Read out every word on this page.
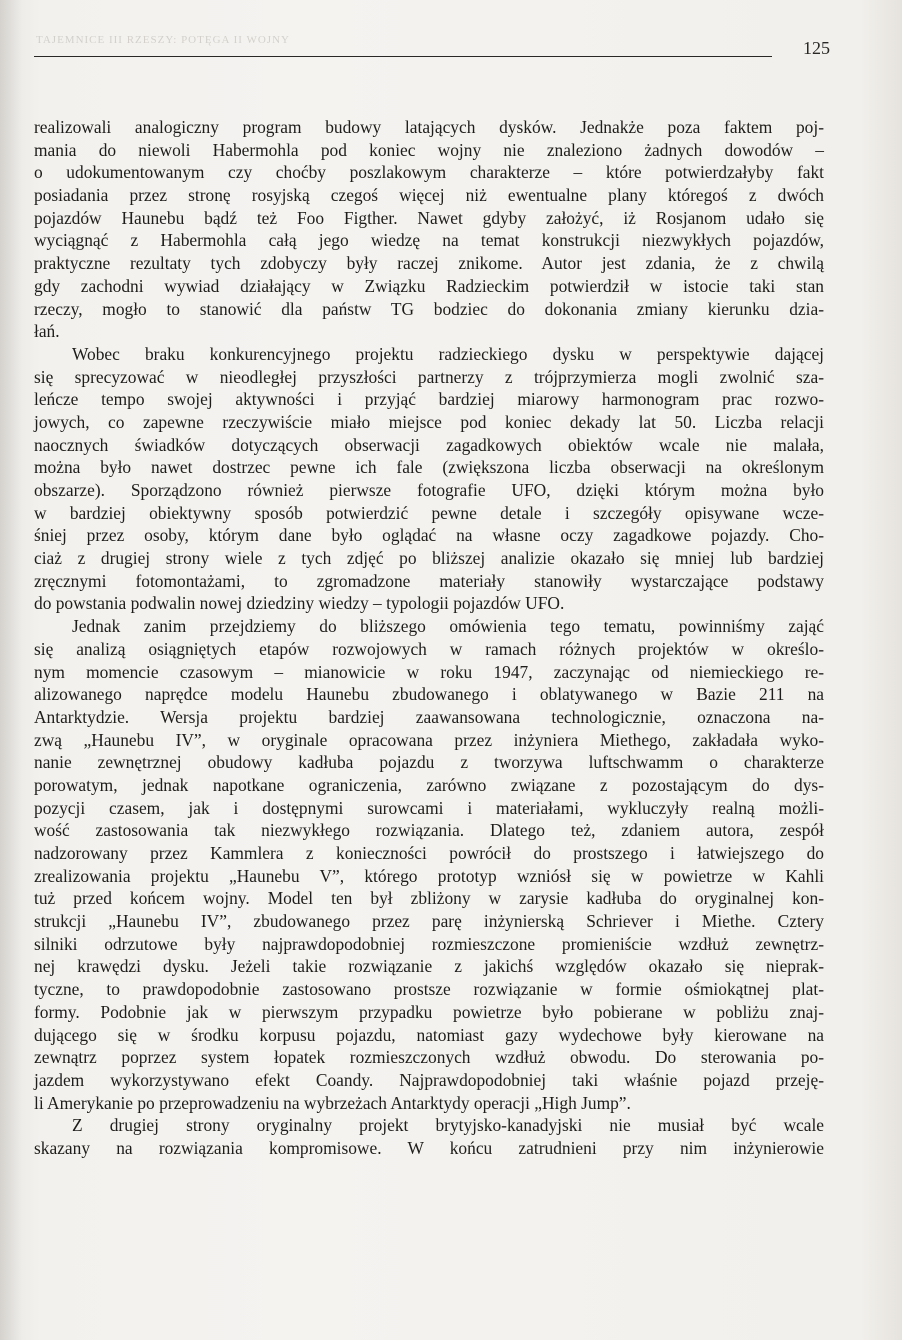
TAJEMNICE III RZESZY: POTĘGA II WOJNY	125
realizowali analogiczny program budowy latających dysków. Jednakże poza faktem poj-
mania do niewoli Habermohla pod koniec wojny nie znaleziono żadnych dowodów –
o udokumentowanym czy choćby poszlakowym charakterze – które potwierdzałyby fakt
posiadania przez stronę rosyjską czegoś więcej niż ewentualne plany któregoś z dwóch
pojazdów Haunebu bądź też Foo Figther. Nawet gdyby założyć, iż Rosjanom udało się
wyciągnąć z Habermohla całą jego wiedzę na temat konstrukcji niezwykłych pojazdów,
praktyczne rezultaty tych zdobyczy były raczej znikome. Autor jest zdania, że z chwilą
gdy zachodni wywiad działający w Związku Radzieckim potwierdził w istocie taki stan
rzeczy, mogło to stanowić dla państw TG bodziec do dokonania zmiany kierunku dzia-
łań.
Wobec braku konkurencyjnego projektu radzieckiego dysku w perspektywie dającej
się sprecyzować w nieodległej przyszłości partnerzy z trójprzymierza mogli zwolnić sza-
leńcze tempo swojej aktywności i przyjąć bardziej miarowy harmonogram prac rozwo-
jowych, co zapewne rzeczywiście miało miejsce pod koniec dekady lat 50. Liczba relacji
naocznych świadków dotyczących obserwacji zagadkowych obiektów wcale nie malała,
można było nawet dostrzec pewne ich fale (zwiększona liczba obserwacji na określonym
obszarze). Sporządzono również pierwsze fotografie UFO, dzięki którym można było
w bardziej obiektywny sposób potwierdzić pewne detale i szczegóły opisywane wcze-
śniej przez osoby, którym dane było oglądać na własne oczy zagadkowe pojazdy. Cho-
ciaż z drugiej strony wiele z tych zdjęć po bliższej analizie okazało się mniej lub bardziej
zręcznymi fotomontażami, to zgromadzone materiały stanowiły wystarczające podstawy
do powstania podwalin nowej dziedziny wiedzy – typologii pojazdów UFO.
Jednak zanim przejdziemy do bliższego omówienia tego tematu, powinniśmy zająć
się analizą osiągniętych etapów rozwojowych w ramach różnych projektów w określo-
nym momencie czasowym – mianowicie w roku 1947, zaczynając od niemieckiego re-
alizowanego naprędce modelu Haunebu zbudowanego i oblatywanego w Bazie 211 na
Antarktydzie. Wersja projektu bardziej zaawansowana technologicznie, oznaczona na-
zwą „Haunebu IV”, w oryginale opracowana przez inżyniera Miethego, zakładała wyko-
nanie zewnętrznej obudowy kadłuba pojazdu z tworzywa luftschwamm o charakterze
porowatym, jednak napotkane ograniczenia, zarówno związane z pozostającym do dys-
pozycji czasem, jak i dostępnymi surowcami i materiałami, wykluczyły realną możli-
wość zastosowania tak niezwykłego rozwiązania. Dlatego też, zdaniem autora, zespół
nadzorowany przez Kammlera z konieczności powrócił do prostszego i łatwiejszego do
zrealizowania projektu „Haunebu V”, którego prototyp wzniósł się w powietrze w Kahli
tuż przed końcem wojny. Model ten był zbliżony w zarysie kadłuba do oryginalnej kon-
strukcji „Haunebu IV”, zbudowanego przez parę inżynierską Schriever i Miethe. Cztery
silniki odrzutowe były najprawdopodobniej rozmieszczone promieniście wzdłuż zewnętrz-
nej krawędzi dysku. Jeżeli takie rozwiązanie z jakichś względów okazało się nieprak-
tyczne, to prawdopodobnie zastosowano prostsze rozwiązanie w formie ośmiokątnej plat-
formy. Podobnie jak w pierwszym przypadku powietrze było pobierane w pobliżu znaj-
dującego się w środku korpusu pojazdu, natomiast gazy wydechowe były kierowane na
zewnątrz poprzez system łopatek rozmieszczonych wzdłuż obwodu. Do sterowania po-
jazdem wykorzystywano efekt Coandy. Najprawdopodobniej taki właśnie pojazd przeję-
li Amerykanie po przeprowadzeniu na wybrzeżach Antarktydy operacji „High Jump”.
Z drugiej strony oryginalny projekt brytyjsko-kanadyjski nie musiał być wcale
skazany na rozwiązania kompromisowe. W końcu zatrudnieni przy nim inżynierowie
